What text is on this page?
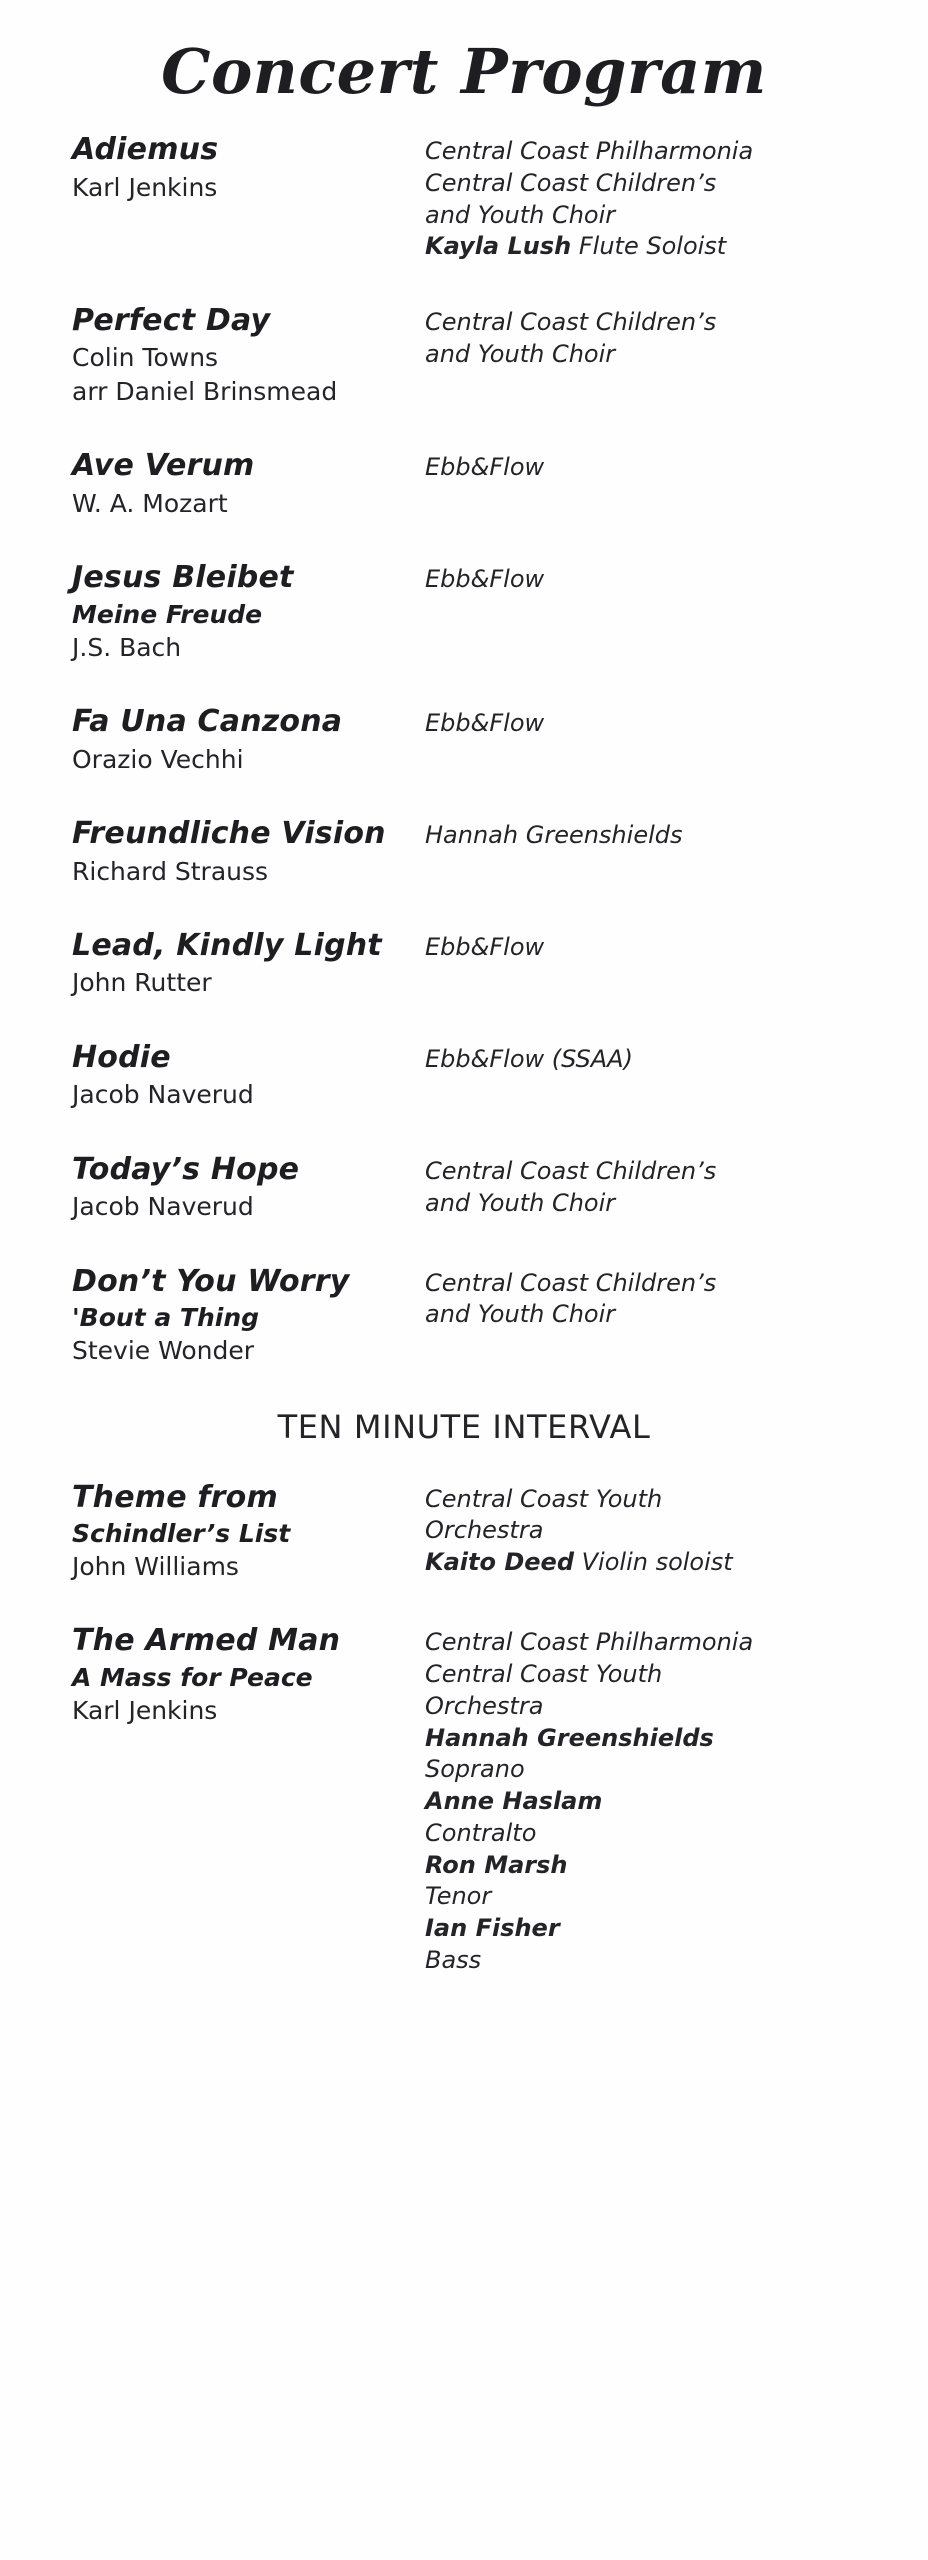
Concert Program
Adiemus
Karl Jenkins
Central Coast Philharmonia
Central Coast Children’s
and Youth Choir
Kayla Lush Flute Soloist
Perfect Day
Colin Towns
arr Daniel Brinsmead
Central Coast Children’s
and Youth Choir
Ave Verum
W. A. Mozart
Ebb&Flow
Jesus Bleibet
Meine Freude
J.S. Bach
Ebb&Flow
Fa Una Canzona
Orazio Vechhi
Ebb&Flow
Freundliche Vision
Richard Strauss
Hannah Greenshields
Lead, Kindly Light
John Rutter
Ebb&Flow
Hodie
Jacob Naverud
Ebb&Flow (SSAA)
Today’s Hope
Jacob Naverud
Central Coast Children’s
and Youth Choir
Don’t You Worry
'Bout a Thing
Stevie Wonder
Central Coast Children’s
and Youth Choir
TEN MINUTE INTERVAL
Theme from
Schindler’s List
John Williams
Central Coast Youth
Orchestra
Kaito Deed Violin soloist
The Armed Man
A Mass for Peace
Karl Jenkins
Central Coast Philharmonia
Central Coast Youth
Orchestra
Hannah Greenshields
Soprano
Anne Haslam
Contralto
Ron Marsh
Tenor
Ian Fisher
Bass
